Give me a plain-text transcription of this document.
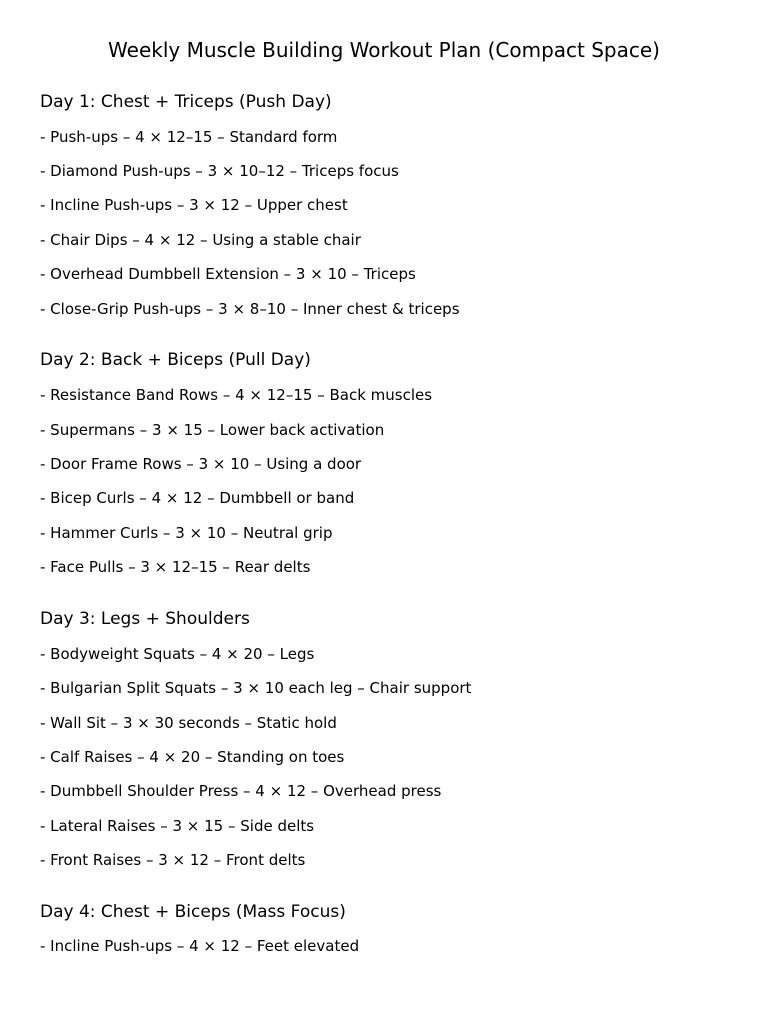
Weekly Muscle Building Workout Plan (Compact Space)
Day 1: Chest + Triceps (Push Day)
- Push-ups – 4 × 12–15 – Standard form
- Diamond Push-ups – 3 × 10–12 – Triceps focus
- Incline Push-ups – 3 × 12 – Upper chest
- Chair Dips – 4 × 12 – Using a stable chair
- Overhead Dumbbell Extension – 3 × 10 – Triceps
- Close-Grip Push-ups – 3 × 8–10 – Inner chest & triceps
Day 2: Back + Biceps (Pull Day)
- Resistance Band Rows – 4 × 12–15 – Back muscles
- Supermans – 3 × 15 – Lower back activation
- Door Frame Rows – 3 × 10 – Using a door
- Bicep Curls – 4 × 12 – Dumbbell or band
- Hammer Curls – 3 × 10 – Neutral grip
- Face Pulls – 3 × 12–15 – Rear delts
Day 3: Legs + Shoulders
- Bodyweight Squats – 4 × 20 – Legs
- Bulgarian Split Squats – 3 × 10 each leg – Chair support
- Wall Sit – 3 × 30 seconds – Static hold
- Calf Raises – 4 × 20 – Standing on toes
- Dumbbell Shoulder Press – 4 × 12 – Overhead press
- Lateral Raises – 3 × 15 – Side delts
- Front Raises – 3 × 12 – Front delts
Day 4: Chest + Biceps (Mass Focus)
- Incline Push-ups – 4 × 12 – Feet elevated
